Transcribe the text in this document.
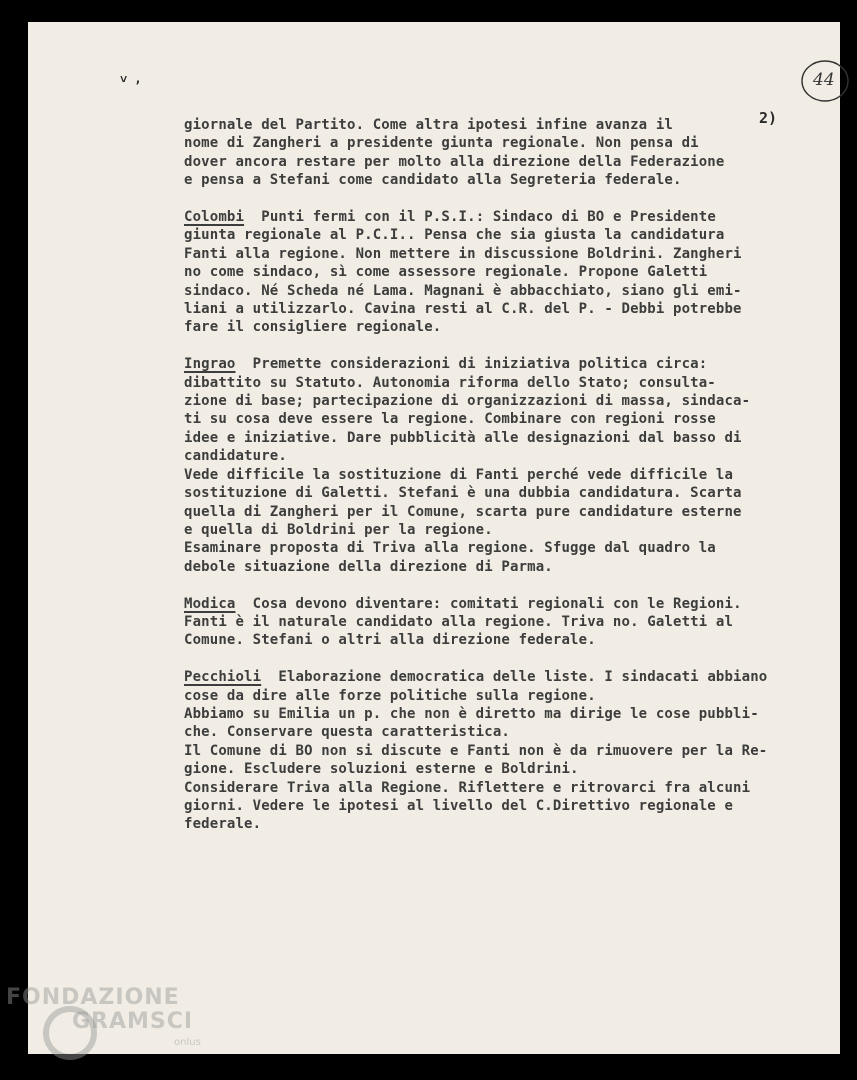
˅ ,	44
2)
giornale del Partito. Come altra ipotesi infine avanza il
nome di Zangheri a presidente giunta regionale. Non pensa di
dover ancora restare per molto alla direzione della Federazione
e pensa a Stefani come candidato alla Segreteria federale.
Colombi Punti fermi con il P.S.I.: Sindaco di BO e Presidente
giunta regionale al P.C.I.. Pensa che sia giusta la candidatura
Fanti alla regione. Non mettere in discussione Boldrini. Zangheri
no come sindaco, sì come assessore regionale. Propone Galetti
sindaco. Né Scheda né Lama. Magnani è abbacchiato, siano gli emi-
liani a utilizzarlo. Cavina resti al C.R. del P. - Debbi potrebbe
fare il consigliere regionale.
Ingrao Premette considerazioni di iniziativa politica circa:
dibattito su Statuto. Autonomia riforma dello Stato; consulta-
zione di base; partecipazione di organizzazioni di massa, sindaca-
ti su cosa deve essere la regione. Combinare con regioni rosse
idee e iniziative. Dare pubblicità alle designazioni dal basso di
candidature.
Vede difficile la sostituzione di Fanti perché vede difficile la
sostituzione di Galetti. Stefani è una dubbia candidatura. Scarta
quella di Zangheri per il Comune, scarta pure candidature esterne
e quella di Boldrini per la regione.
Esaminare proposta di Triva alla regione. Sfugge dal quadro la
debole situazione della direzione di Parma.
Modica Cosa devono diventare: comitati regionali con le Regioni.
Fanti è il naturale candidato alla regione. Triva no. Galetti al
Comune. Stefani o altri alla direzione federale.
Pecchioli Elaborazione democratica delle liste. I sindacati abbiano
cose da dire alle forze politiche sulla regione.
Abbiamo su Emilia un p. che non è diretto ma dirige le cose pubbli-
che. Conservare questa caratteristica.
Il Comune di BO non si discute e Fanti non è da rimuovere per la Re-
gione. Escludere soluzioni esterne e Boldrini.
Considerare Triva alla Regione. Riflettere e ritrovarci fra alcuni
giorni. Vedere le ipotesi al livello del C.Direttivo regionale e
federale.
FONDAZIONE
GRAMSCI
onlus
